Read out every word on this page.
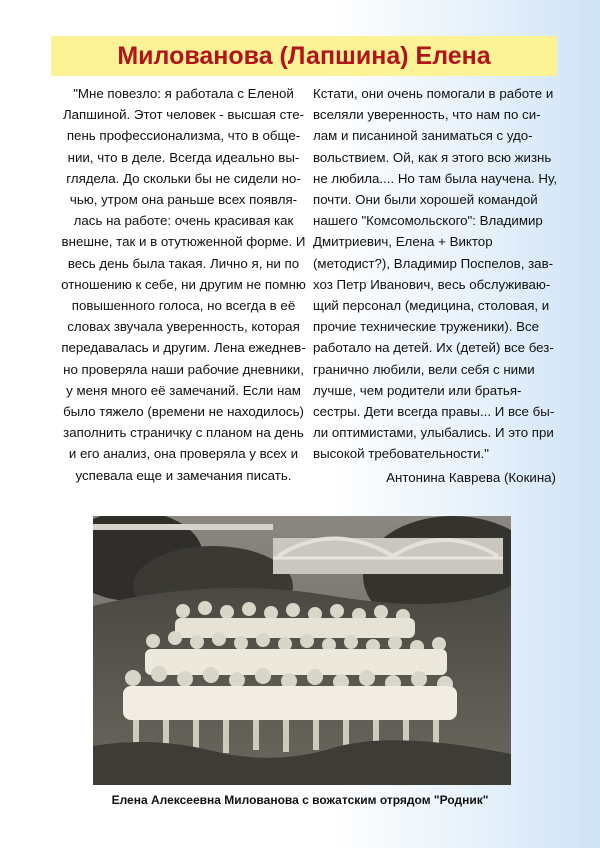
Милованова (Лапшина) Елена

"Мне повезло: я работала с Еленой

Лапшиной. Этот человек - высшая сте-

пень профессионализма, что в обще-

нии, что в деле. Всегда идеально вы-

глядела. До скольки бы не сидели но-

чью, утром она раньше всех появля-

лась на работе: очень красивая как

внешне, так и в отутюженной форме. И

весь день была такая. Лично я, ни по

отношению к себе, ни другим не помню

повышенного голоса, но всегда в её

словах звучала уверенность, которая

передавалась и другим. Лена ежеднев-

но проверяла наши рабочие дневники,

у меня много её замечаний. Если нам

было тяжело (времени не находилось)

заполнить страничку с планом на день

и его анализ, она проверяла у всех и

успевала еще и замечания писать.

Кстати, они очень помогали в работе и

вселяли уверенность, что нам по си-

лам и писаниной заниматься с удо-

вольствием. Ой, как я этого всю жизнь

не любила.... Но там была научена. Ну,

почти. Они были хорошей командой

нашего "Комсомольского": Владимир

Дмитриевич, Елена + Виктор

(методист?), Владимир Поспелов, зав-

хоз Петр Иванович, весь обслуживаю-

щий персонал (медицина, столовая, и

прочие технические труженики). Все

работало на детей. Их (детей) все без-

гранично любили, вели себя с ними

лучше, чем родители или братья-

сестры. Дети всегда правы... И все бы-

ли оптимистами, улыбались. И это при

высокой требовательности."

Антонина Кавревa (Кокина)

Елена Алексеевна Милованова с вожатским отрядом "Родник"
